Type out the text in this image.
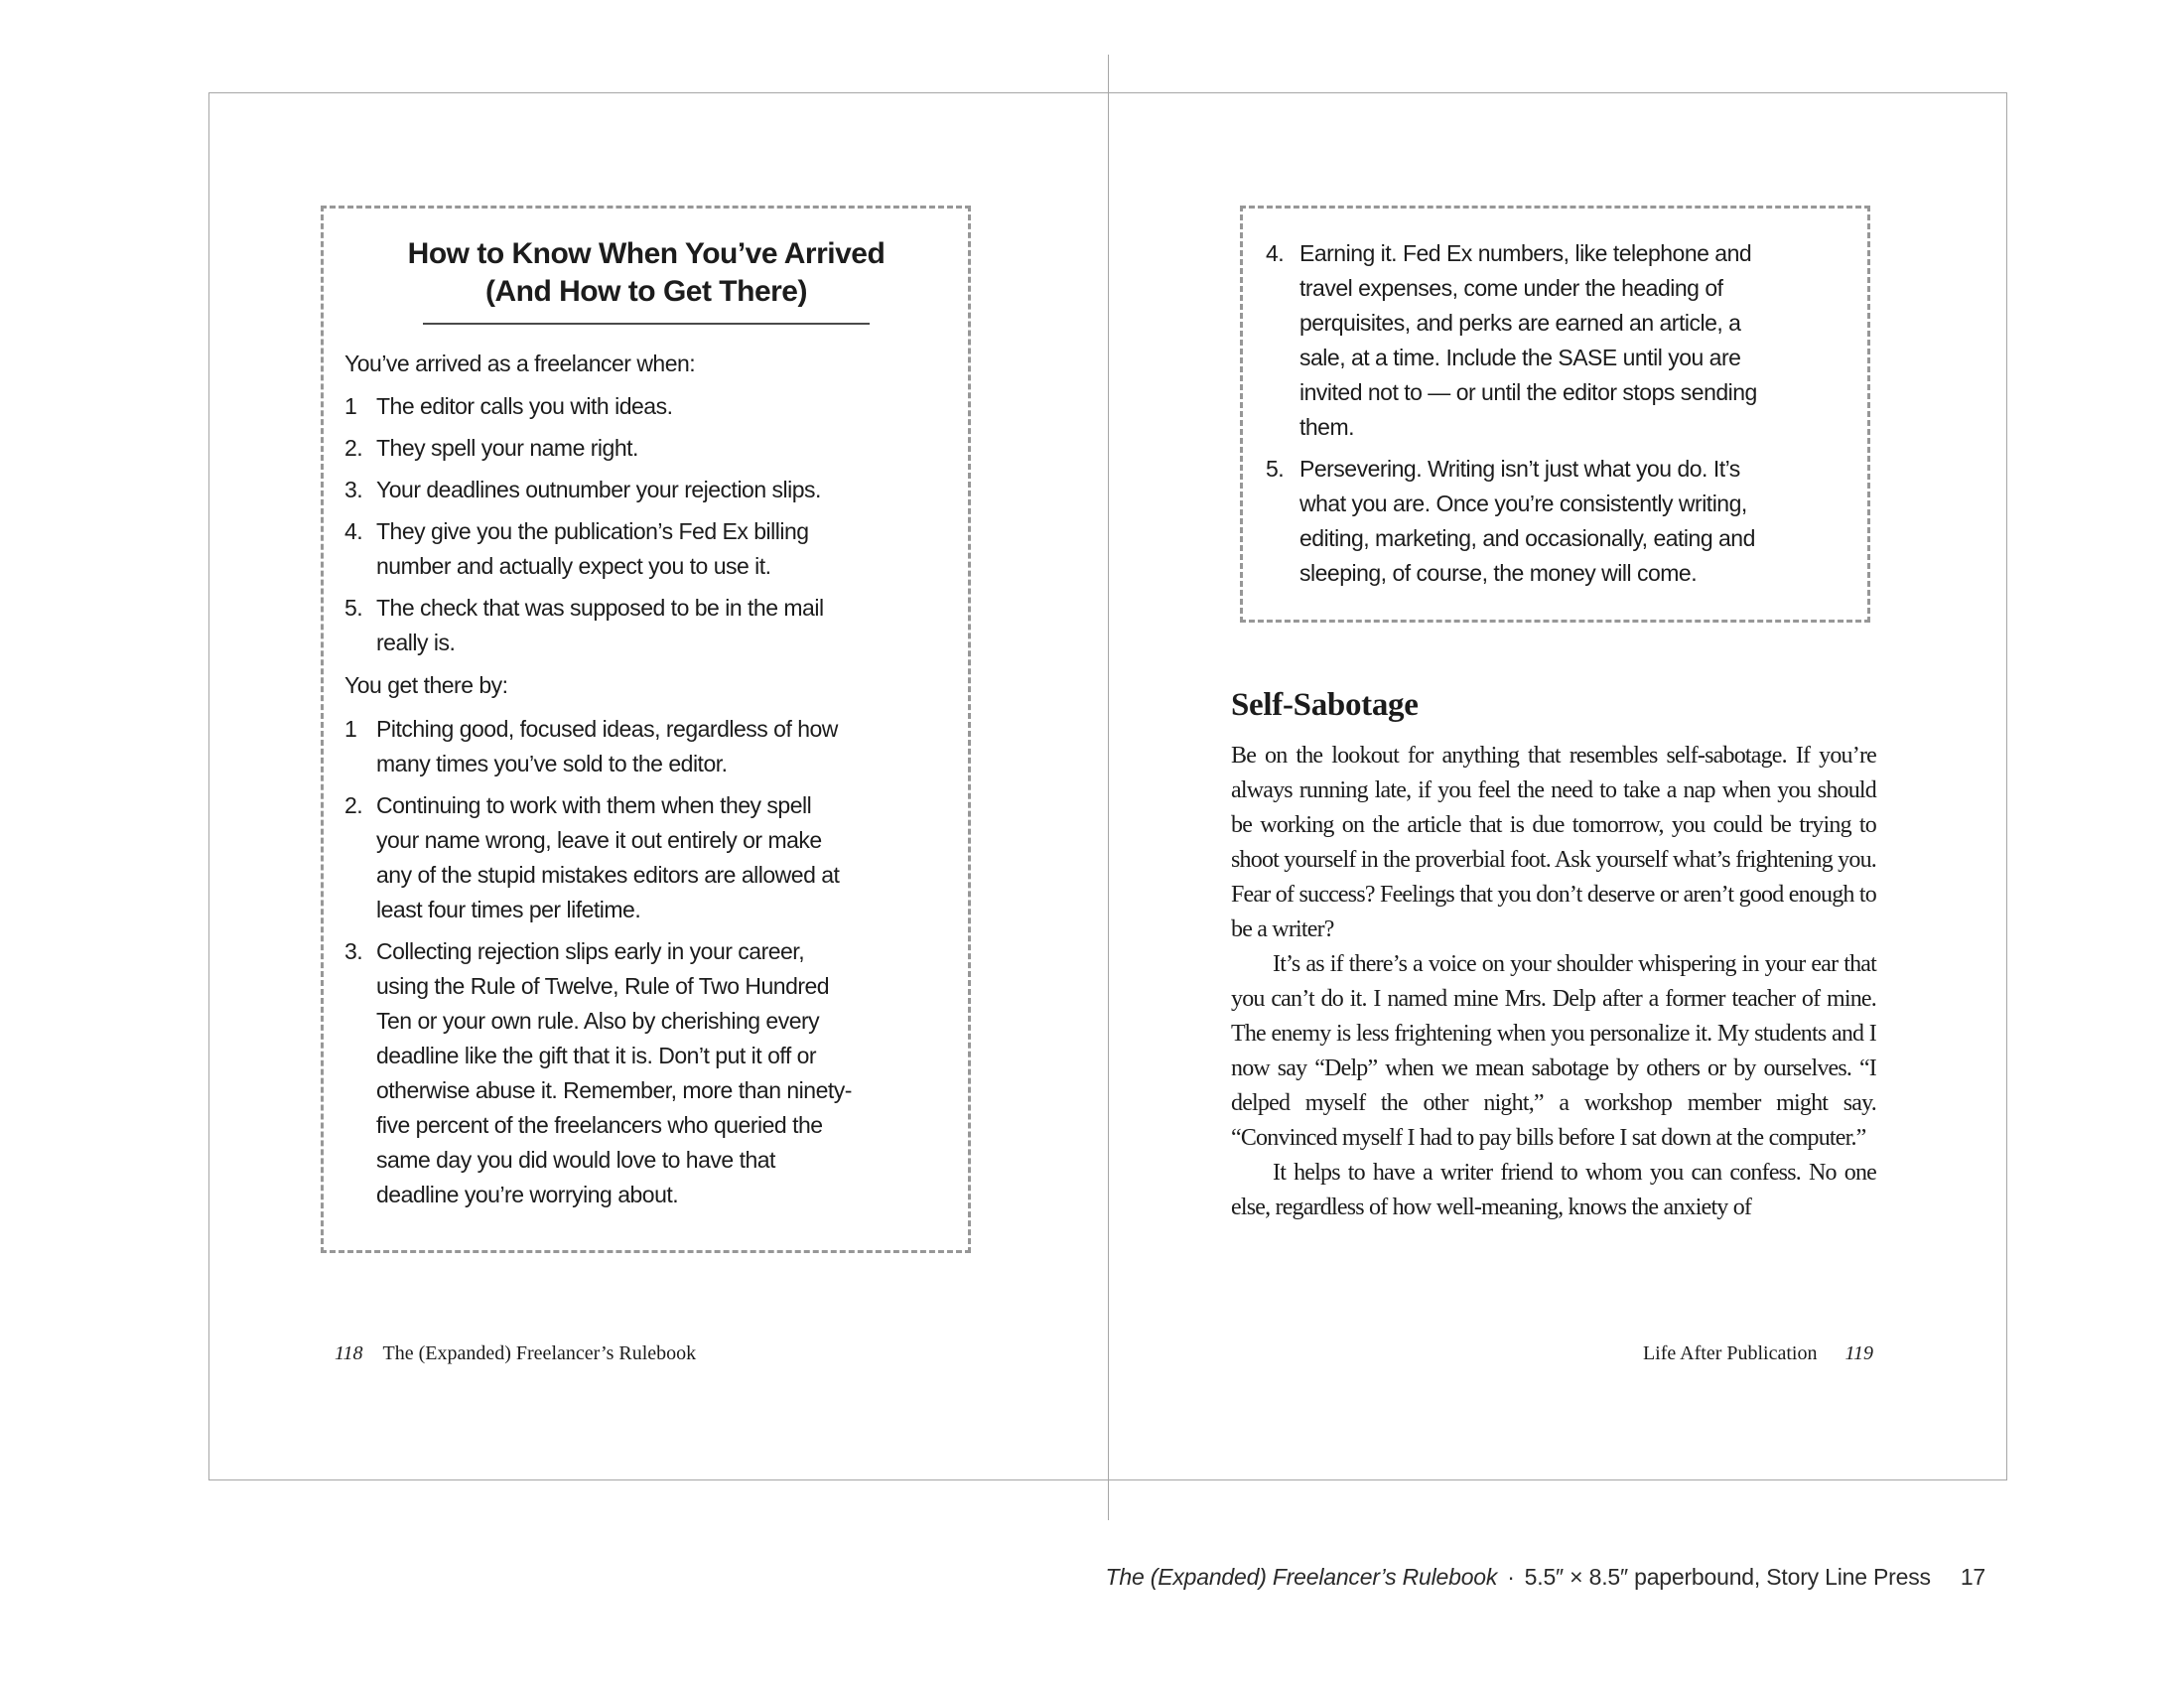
How to Know When You’ve Arrived
(And How to Get There)
You’ve arrived as a freelancer when:
1 The editor calls you with ideas.
2. They spell your name right.
3. Your deadlines outnumber your rejection slips.
4. They give you the publication’s Fed Ex billing number and actually expect you to use it.
5. The check that was supposed to be in the mail really is.
You get there by:
1 Pitching good, focused ideas, regardless of how many times you’ve sold to the editor.
2. Continuing to work with them when they spell your name wrong, leave it out entirely or make any of the stupid mistakes editors are allowed at least four times per lifetime.
3. Collecting rejection slips early in your career, using the Rule of Twelve, Rule of Two Hundred Ten or your own rule. Also by cherishing every deadline like the gift that it is. Don’t put it off or otherwise abuse it. Remember, more than ninety-five percent of the freelancers who queried the same day you did would love to have that deadline you’re worrying about.
118 The (Expanded) Freelancer’s Rulebook
4. Earning it. Fed Ex numbers, like telephone and travel expenses, come under the heading of perquisites, and perks are earned an article, a sale, at a time. Include the SASE until you are invited not to — or until the editor stops sending them.
5. Persevering. Writing isn’t just what you do. It’s what you are. Once you’re consistently writing, editing, marketing, and occasionally, eating and sleeping, of course, the money will come.
Self-Sabotage

Be on the lookout for anything that resembles self-sabotage. If you’re always running late, if you feel the need to take a nap when you should be working on the article that is due tomorrow, you could be trying to shoot yourself in the proverbial foot. Ask yourself what’s frightening you. Fear of success? Feelings that you don’t deserve or aren’t good enough to be a writer?

It’s as if there’s a voice on your shoulder whispering in your ear that you can’t do it. I named mine Mrs. Delp after a former teacher of mine. The enemy is less frightening when you personalize it. My students and I now say “Delp” when we mean sabotage by others or by ourselves. “I delped myself the other night,” a workshop member might say. “Convinced myself I had to pay bills before I sat down at the computer.”

It helps to have a writer friend to whom you can confess. No one else, regardless of how well-meaning, knows the anxiety of

Life After Publication 119
The (Expanded) Freelancer’s Rulebook · 5.5″ × 8.5″ paperbound, Story Line Press 17
